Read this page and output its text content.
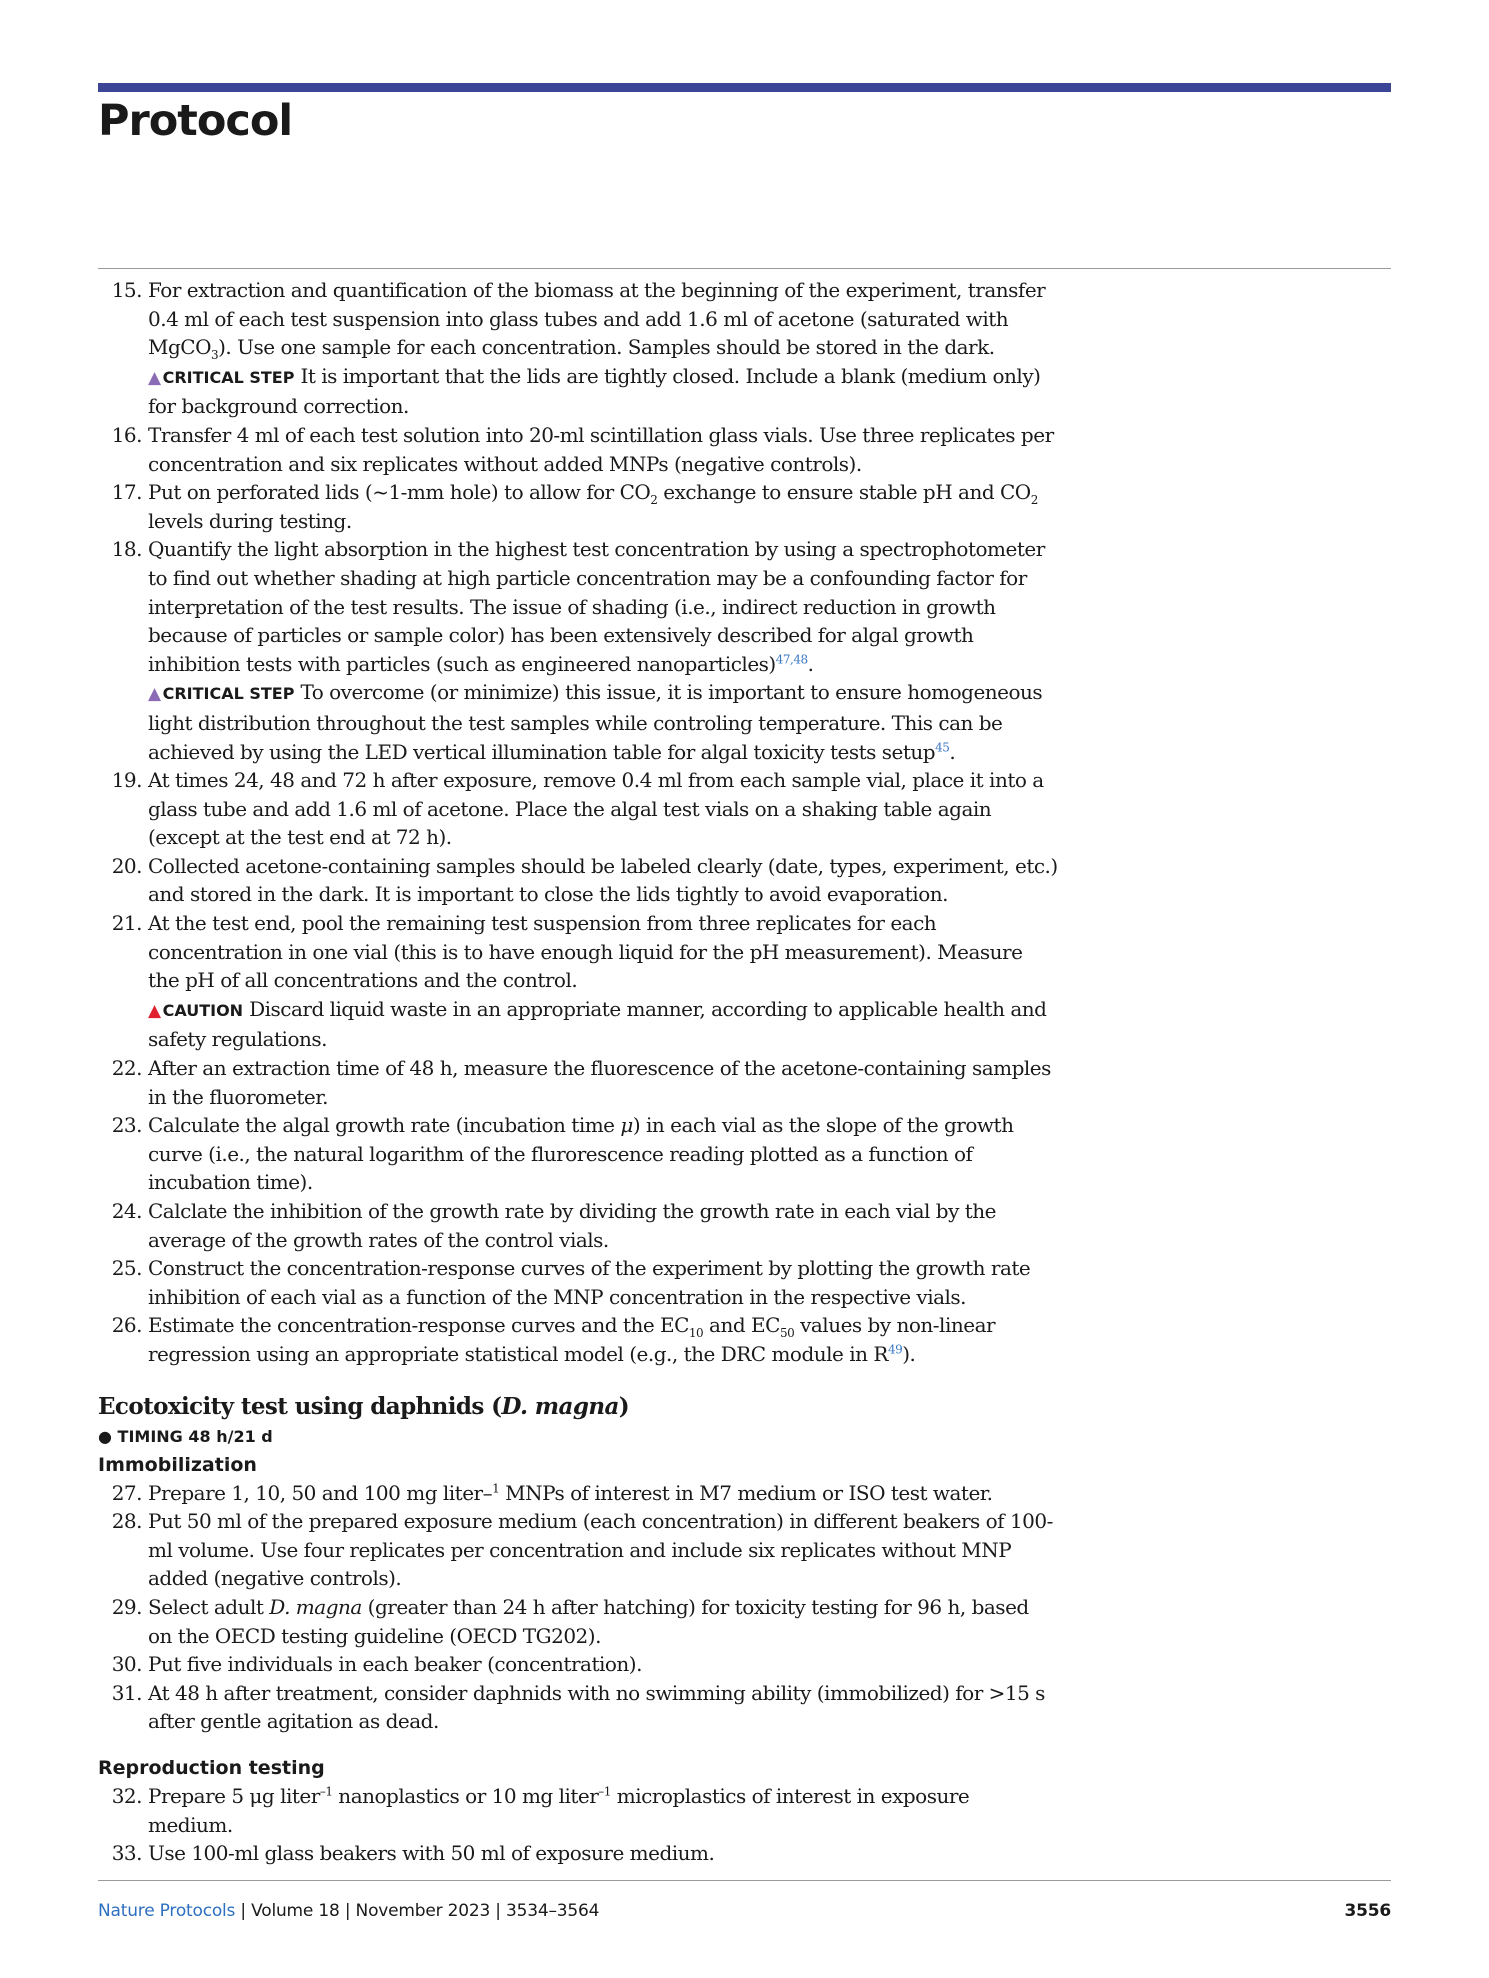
Protocol
15. For extraction and quantification of the biomass at the beginning of the experiment, transfer 0.4 ml of each test suspension into glass tubes and add 1.6 ml of acetone (saturated with MgCO$_3$). Use one sample for each concentration. Samples should be stored in the dark.
▲ CRITICAL STEP It is important that the lids are tightly closed. Include a blank (medium only) for background correction.
16. Transfer 4 ml of each test solution into 20-ml scintillation glass vials. Use three replicates per concentration and six replicates without added MNPs (negative controls).
17. Put on perforated lids (~1-mm hole) to allow for $CO_2$ exchange to ensure stable pH and $CO_2$ levels during testing.
18. Quantify the light absorption in the highest test concentration by using a spectrophotometer to find out whether shading at high particle concentration may be a confounding factor for interpretation of the test results. The issue of shading (i.e., indirect reduction in growth because of particles or sample color) has been extensively described for algal growth inhibition tests with particles (such as engineered nanoparticles)$^{47,48}$.
▲ CRITICAL STEP To overcome (or minimize) this issue, it is important to ensure homogeneous light distribution throughout the test samples while controling temperature. This can be achieved by using the LED vertical illumination table for algal toxicity tests setup$^{45}$.
19. At times 24, 48 and 72 h after exposure, remove 0.4 ml from each sample vial, place it into a glass tube and add 1.6 ml of acetone. Place the algal test vials on a shaking table again (except at the test end at 72 h).
20. Collected acetone-containing samples should be labeled clearly (date, types, experiment, etc.) and stored in the dark. It is important to close the lids tightly to avoid evaporation.
21. At the test end, pool the remaining test suspension from three replicates for each concentration in one vial (this is to have enough liquid for the pH measurement). Measure the pH of all concentrations and the control.
▲ CAUTION Discard liquid waste in an appropriate manner, according to applicable health and safety regulations.
22. After an extraction time of 48 h, measure the fluorescence of the acetone-containing samples in the fluorometer.
23. Calculate the algal growth rate (incubation time μ) in each vial as the slope of the growth curve (i.e., the natural logarithm of the flurorescence reading plotted as a function of incubation time).
24. Calclate the inhibition of the growth rate by dividing the growth rate in each vial by the average of the growth rates of the control vials.
25. Construct the concentration-response curves of the experiment by plotting the growth rate inhibition of each vial as a function of the MNP concentration in the respective vials.
26. Estimate the concentration-response curves and the $EC_{10}$ and $EC_{50}$ values by non-linear regression using an appropriate statistical model (e.g., the DRC module in R$^{49}$).
Ecotoxicity test using daphnids (D. magna)
● TIMING 48 h/21 d
Immobilization
27. Prepare 1, 10, 50 and 100 mg liter–$^1$ MNPs of interest in M7 medium or ISO test water.
28. Put 50 ml of the prepared exposure medium (each concentration) in different beakers of 100-ml volume. Use four replicates per concentration and include six replicates without MNP added (negative controls).
29. Select adult D. magna (greater than 24 h after hatching) for toxicity testing for 96 h, based on the OECD testing guideline (OECD TG202).
30. Put five individuals in each beaker (concentration).
31. At 48 h after treatment, consider daphnids with no swimming ability (immobilized) for >15 s after gentle agitation as dead.
Reproduction testing
32. Prepare 5 μg liter$^{-1}$ nanoplastics or 10 mg liter$^{-1}$ microplastics of interest in exposure medium.
33. Use 100-ml glass beakers with 50 ml of exposure medium.
Nature Protocols | Volume 18 | November 2023 | 3534–3564	3556
